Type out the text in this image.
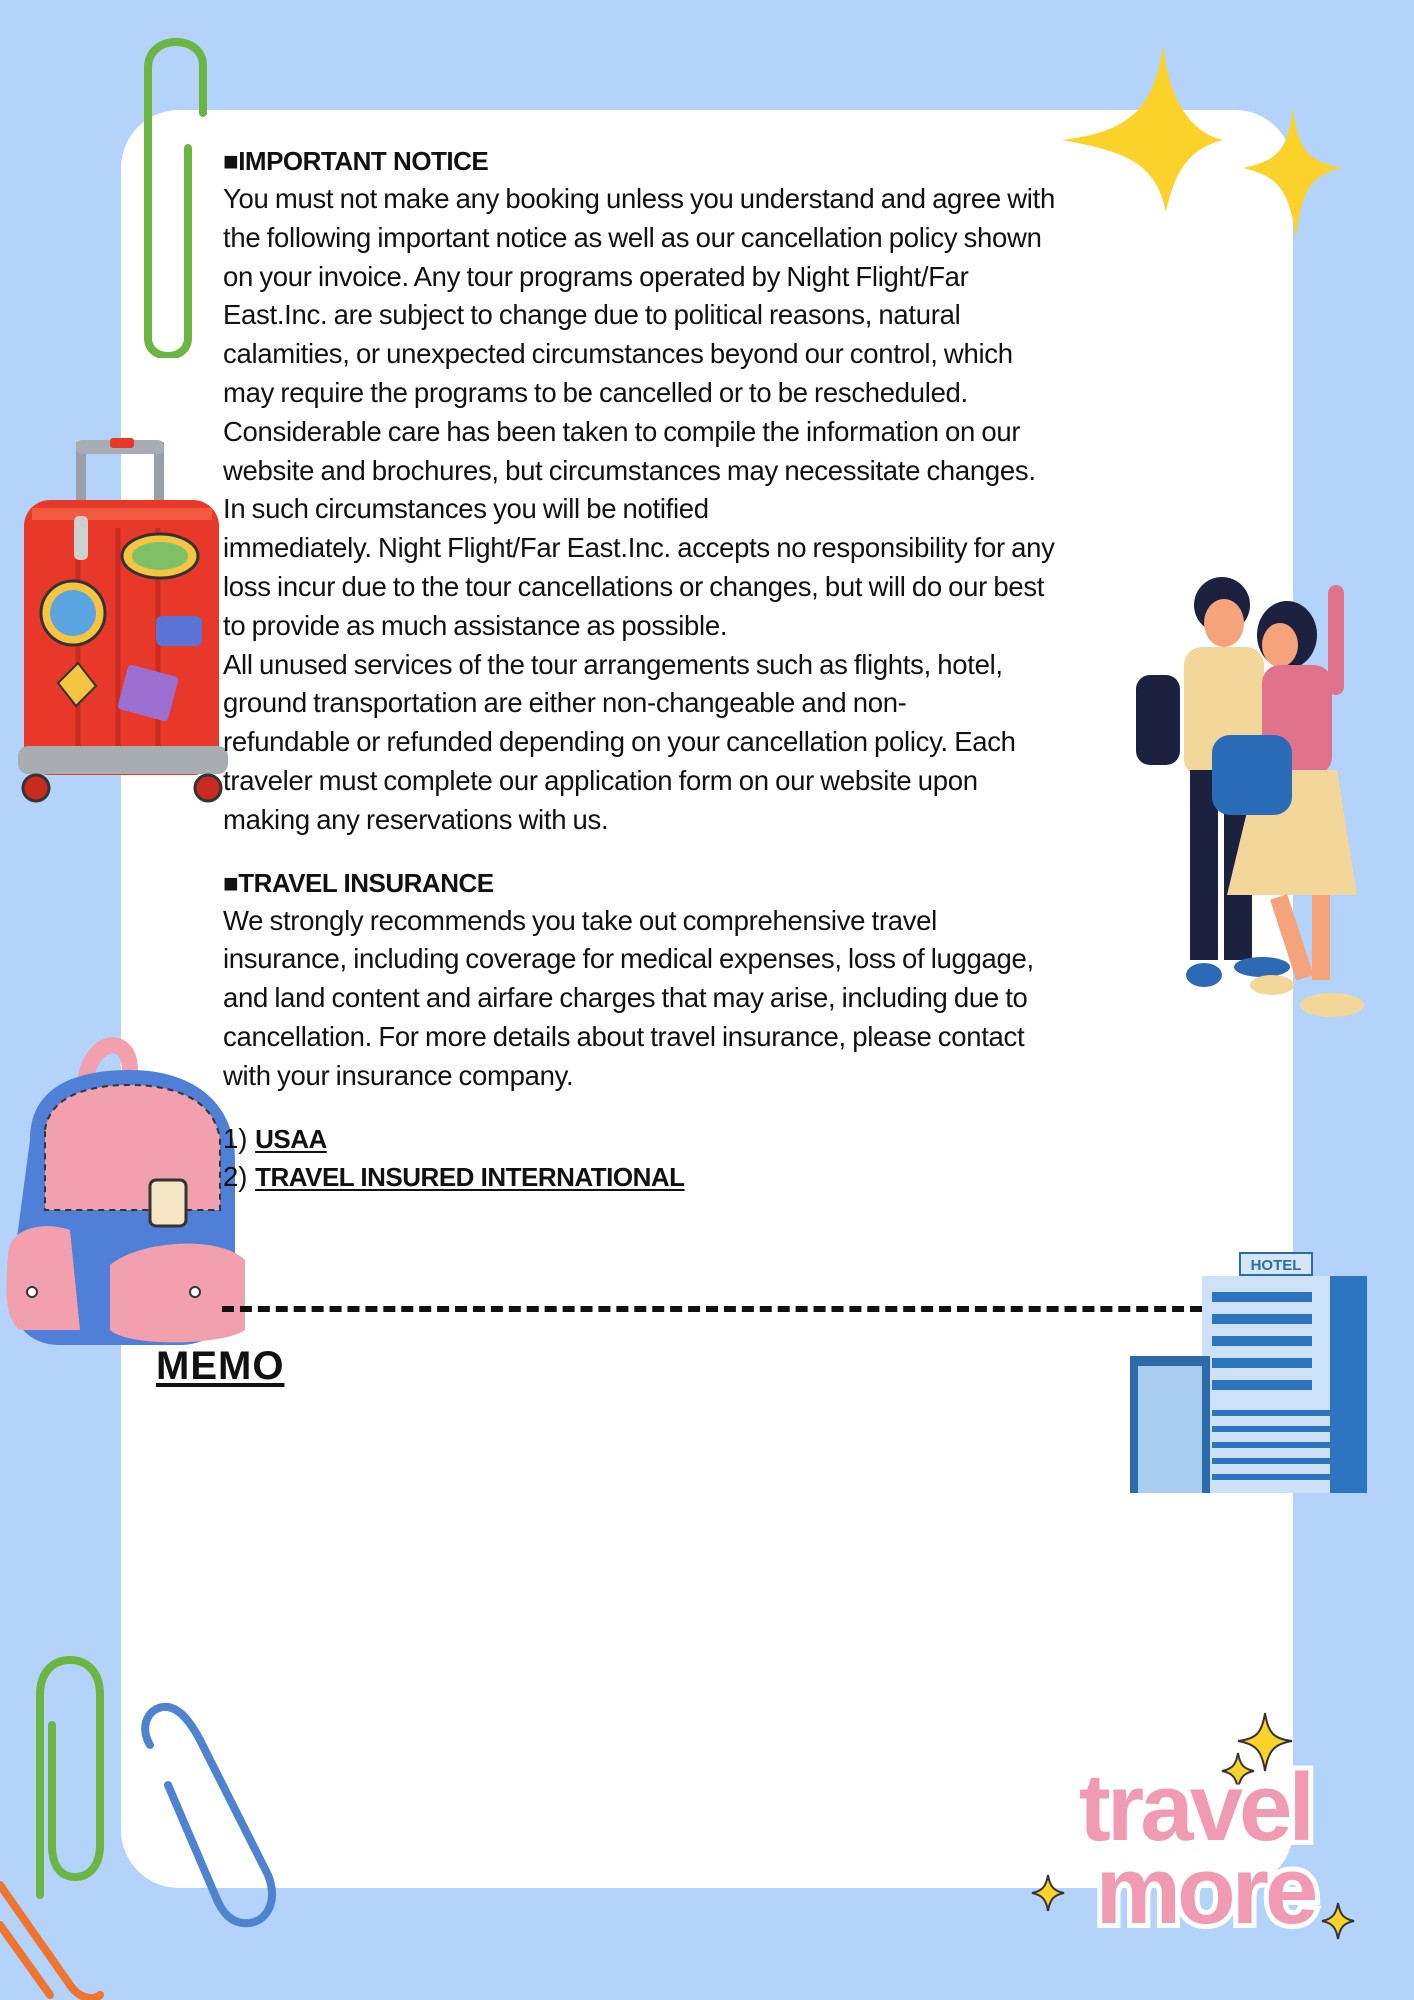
HOTEL
travel
more

■IMPORTANT NOTICE

You must not make any booking unless you understand and agree with
the following important notice as well as our cancellation policy shown
on your invoice. Any tour programs operated by Night Flight/Far
East.Inc. are subject to change due to political reasons, natural
calamities, or unexpected circumstances beyond our control, which
may require the programs to be cancelled or to be rescheduled.
Considerable care has been taken to compile the information on our
website and brochures, but circumstances may necessitate changes.
In such circumstances you will be notified
immediately. Night Flight/Far East.Inc. accepts no responsibility for any
loss incur due to the tour cancellations or changes, but will do our best
to provide as much assistance as possible.
All unused services of the tour arrangements such as flights, hotel,
ground transportation are either non-changeable and non-
refundable or refunded depending on your cancellation policy. Each
traveler must complete our application form on our website upon
making any reservations with us.

■TRAVEL INSURANCE

We strongly recommends you take out comprehensive travel
insurance, including coverage for medical expenses, loss of luggage,
and land content and airfare charges that may arise, including due to
cancellation. For more details about travel insurance, please contact
with your insurance company.
1) USAA
2) TRAVEL INSURED INTERNATIONAL

MEMO
